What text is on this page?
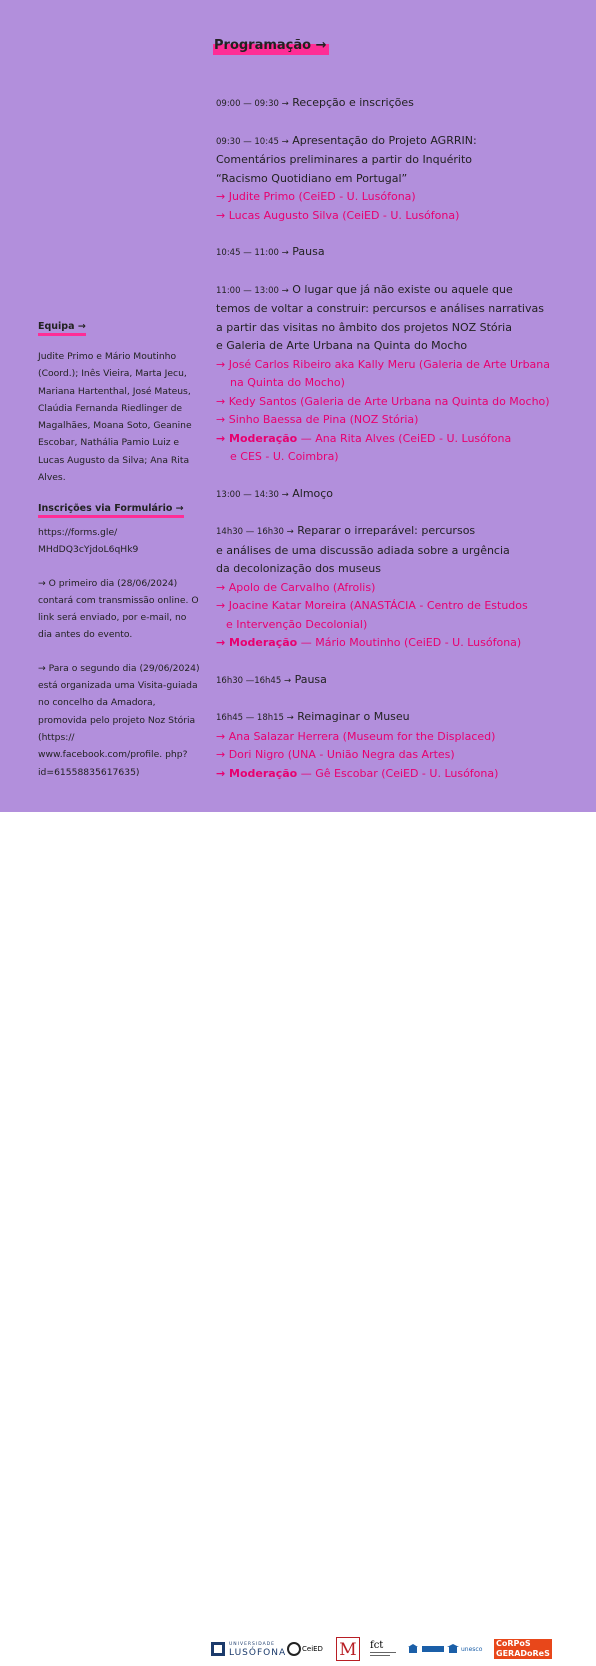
Programação →
09:00 — 09:30 → Recepção e inscrições
09:30 — 10:45 → Apresentação do Projeto AGRRIN:
Comentários preliminares a partir do Inquérito
“Racismo Quotidiano em Portugal”
→ Judite Primo (CeiED - U. Lusófona)
→ Lucas Augusto Silva (CeiED - U. Lusófona)
10:45 — 11:00 → Pausa
11:00 — 13:00 → O lugar que já não existe ou aquele que
temos de voltar a construir: percursos e análises narrativas
a partir das visitas no âmbito dos projetos NOZ Stória
e Galeria de Arte Urbana na Quinta do Mocho
→ José Carlos Ribeiro aka Kally Meru (Galeria de Arte Urbana
na Quinta do Mocho)
→ Kedy Santos (Galeria de Arte Urbana na Quinta do Mocho)
→ Sinho Baessa de Pina (NOZ Stória)
→ Moderação — Ana Rita Alves (CeiED - U. Lusófona
e CES - U. Coimbra)
13:00 — 14:30 → Almoço
14h30 — 16h30 → Reparar o irreparável: percursos
e análises de uma discussão adiada sobre a urgência
da decolonização dos museus
→ Apolo de Carvalho (Afrolis)
→ Joacine Katar Moreira (ANASTÁCIA - Centro de Estudos
e Intervenção Decolonial)
→ Moderação — Mário Moutinho (CeiED - U. Lusófona)
16h30 —16h45 → Pausa
16h45 — 18h15 → Reimaginar o Museu
→ Ana Salazar Herrera (Museum for the Displaced)
→ Dori Nigro (UNA - União Negra das Artes)
→ Moderação — Gê Escobar (CeiED - U. Lusófona)
Equipa →
Judite Primo e Mário Moutinho (Coord.); Inês Vieira, Marta Jecu, Mariana Hartenthal, José Mateus, Claúdia Fernanda Riedlinger de Magalhães, Moana Soto, Geanine Escobar, Nathália Pamio Luiz e Lucas Augusto da Silva; Ana Rita Alves.
Inscrições via Formulário →
https://forms.gle/ MHdDQ3cYjdoL6qHk9
→ O primeiro dia (28/06/2024) contará com transmissão online. O link será enviado, por e-mail, no dia antes do evento.
→ Para o segundo dia (29/06/2024) está organizada uma Visita-guiada no concelho da Amadora, promovida pelo projeto Noz Stória (https:// www.facebook.com/profile. php?id=61558835617635)
UNIVERSIDADE
LUSÓFONA CeiED M fct	unesco
CoRPoS
GERADoReS
